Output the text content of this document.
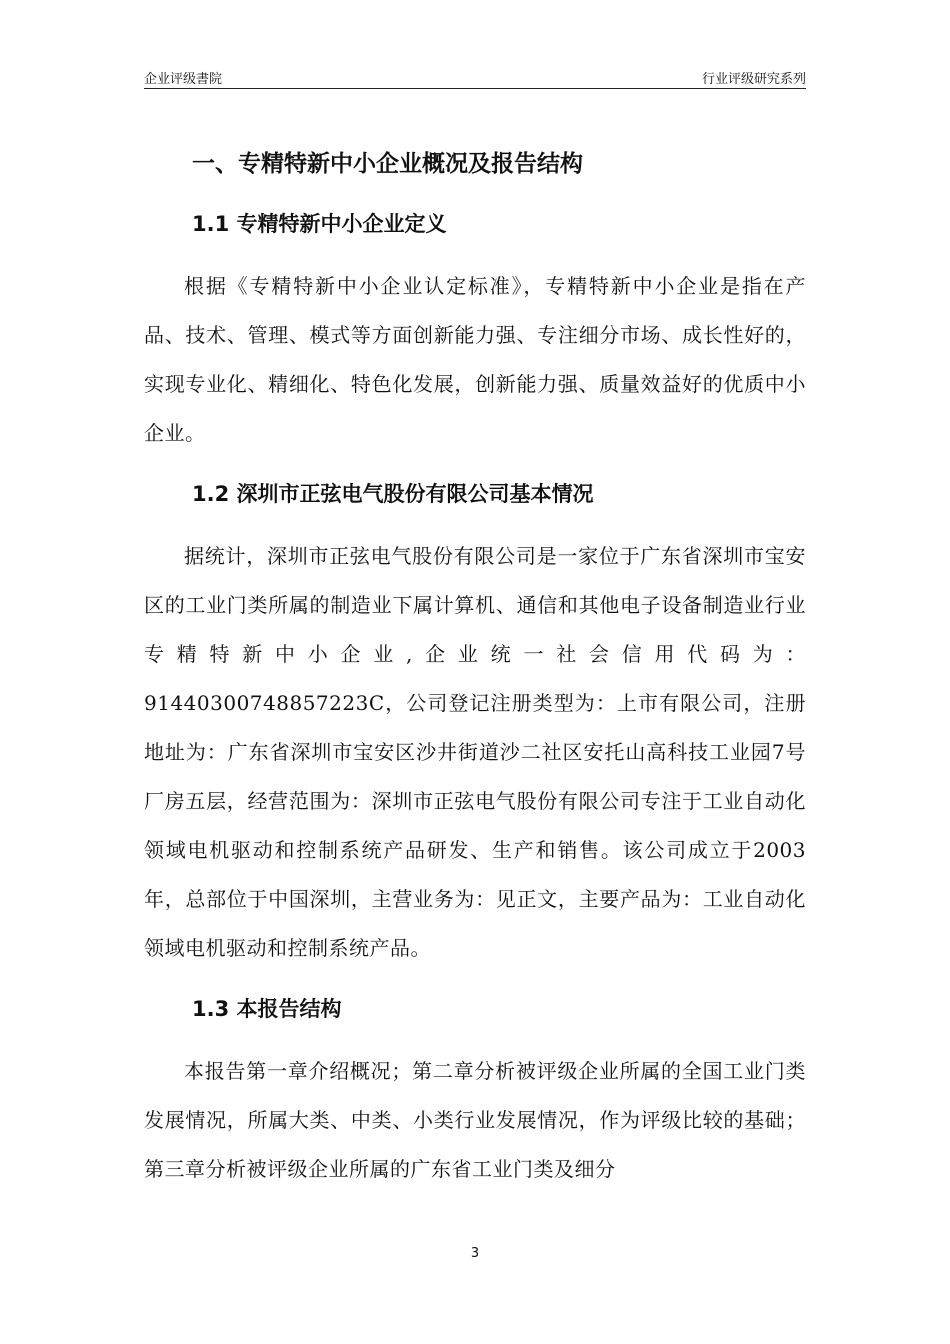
企业评级書院	行业评级研究系列
一、专精特新中小企业概况及报告结构
1.1 专精特新中小企业定义

根据《专精特新中小企业认定标准》，专精特新中小企业是指在产品、技术、管理、模式等方面创新能力强、专注细分市场、成长性好的，实现专业化、精细化、特色化发展，创新能力强、质量效益好的优质中小企业。

1.2 深圳市正弦电气股份有限公司基本情况

据统计，深圳市正弦电气股份有限公司是一家位于广东省深圳市宝安区的工业门类所属的制造业下属计算机、通信和其他电子设备制造业行业专精特新中小企业,企业统一社会信用代码为：91440300748857223C，公司登记注册类型为：上市有限公司，注册地址为：广东省深圳市宝安区沙井街道沙二社区安托山高科技工业园7号厂房五层，经营范围为：深圳市正弦电气股份有限公司专注于工业自动化领域电机驱动和控制系统产品研发、生产和销售。该公司成立于2003年，总部位于中国深圳，主营业务为：见正文，主要产品为：工业自动化领域电机驱动和控制系统产品。

1.3 本报告结构

本报告第一章介绍概况；第二章分析被评级企业所属的全国工业门类发展情况，所属大类、中类、小类行业发展情况，作为评级比较的基础；第三章分析被评级企业所属的广东省工业门类及细分

3
